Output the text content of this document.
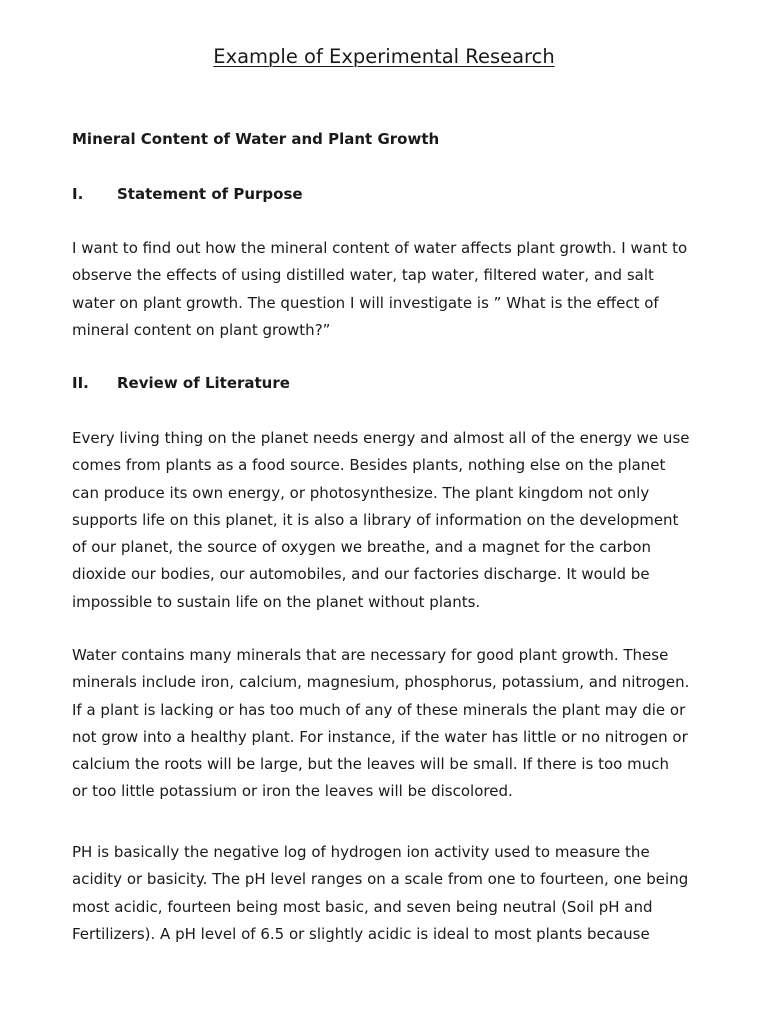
Example of Experimental Research
Mineral Content of Water and Plant Growth
I.	Statement of Purpose

I want to find out how the mineral content of water affects plant growth. I want to
observe the effects of using distilled water, tap water, filtered water, and salt
water on plant growth. The question I will investigate is ” What is the effect of
mineral content on plant growth?”

II.	Review of Literature

Every living thing on the planet needs energy and almost all of the energy we use
comes from plants as a food source. Besides plants, nothing else on the planet
can produce its own energy, or photosynthesize. The plant kingdom not only
supports life on this planet, it is also a library of information on the development
of our planet, the source of oxygen we breathe, and a magnet for the carbon
dioxide our bodies, our automobiles, and our factories discharge. It would be
impossible to sustain life on the planet without plants.

Water contains many minerals that are necessary for good plant growth. These
minerals include iron, calcium, magnesium, phosphorus, potassium, and nitrogen.
If a plant is lacking or has too much of any of these minerals the plant may die or
not grow into a healthy plant. For instance, if the water has little or no nitrogen or
calcium the roots will be large, but the leaves will be small. If there is too much
or too little potassium or iron the leaves will be discolored.

PH is basically the negative log of hydrogen ion activity used to measure the
acidity or basicity. The pH level ranges on a scale from one to fourteen, one being
most acidic, fourteen being most basic, and seven being neutral (Soil pH and
Fertilizers). A pH level of 6.5 or slightly acidic is ideal to most plants because
